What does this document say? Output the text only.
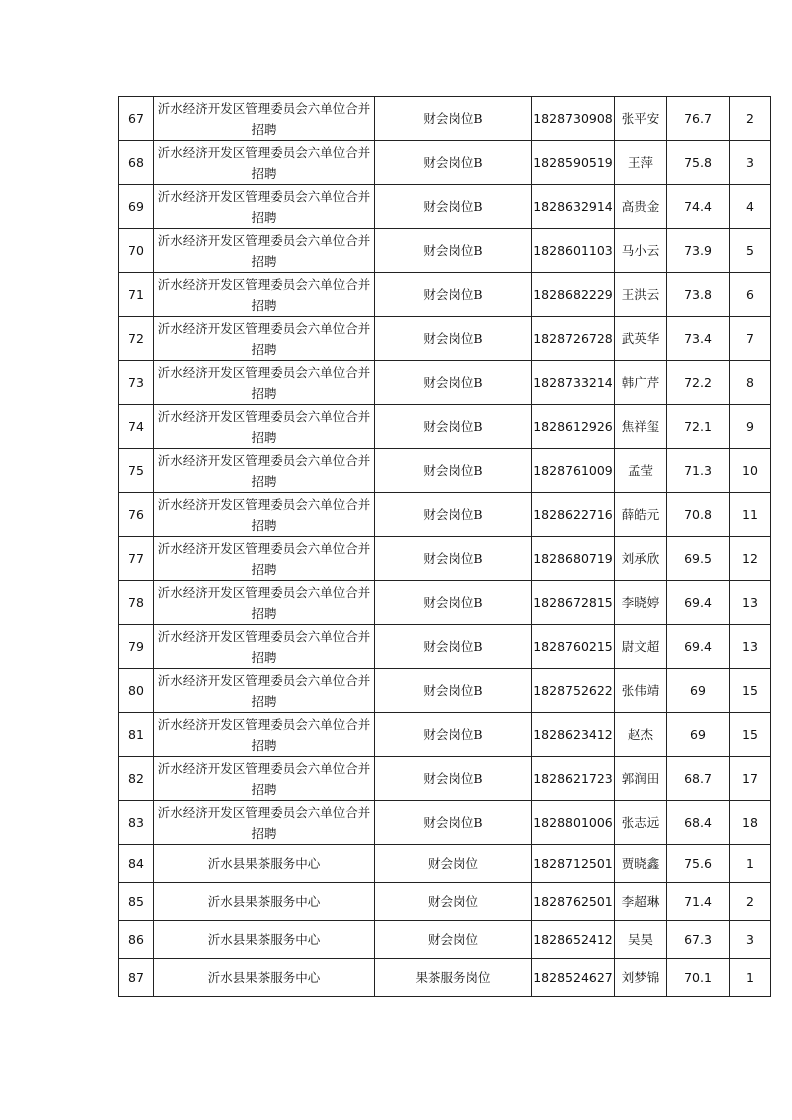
67	沂水经济开发区管理委员会六单位合并招聘	财会岗位B	1828730908	张平安	76.7	2
68	沂水经济开发区管理委员会六单位合并招聘	财会岗位B	1828590519	王萍	75.8	3
69	沂水经济开发区管理委员会六单位合并招聘	财会岗位B	1828632914	高贵金	74.4	4
70	沂水经济开发区管理委员会六单位合并招聘	财会岗位B	1828601103	马小云	73.9	5
71	沂水经济开发区管理委员会六单位合并招聘	财会岗位B	1828682229	王洪云	73.8	6
72	沂水经济开发区管理委员会六单位合并招聘	财会岗位B	1828726728	武英华	73.4	7
73	沂水经济开发区管理委员会六单位合并招聘	财会岗位B	1828733214	韩广芹	72.2	8
74	沂水经济开发区管理委员会六单位合并招聘	财会岗位B	1828612926	焦祥玺	72.1	9
75	沂水经济开发区管理委员会六单位合并招聘	财会岗位B	1828761009	孟莹	71.3	10
76	沂水经济开发区管理委员会六单位合并招聘	财会岗位B	1828622716	薛皓元	70.8	11
77	沂水经济开发区管理委员会六单位合并招聘	财会岗位B	1828680719	刘承欣	69.5	12
78	沂水经济开发区管理委员会六单位合并招聘	财会岗位B	1828672815	李晓婷	69.4	13
79	沂水经济开发区管理委员会六单位合并招聘	财会岗位B	1828760215	尉文超	69.4	13
80	沂水经济开发区管理委员会六单位合并招聘	财会岗位B	1828752622	张伟靖	69	15
81	沂水经济开发区管理委员会六单位合并招聘	财会岗位B	1828623412	赵杰	69	15
82	沂水经济开发区管理委员会六单位合并招聘	财会岗位B	1828621723	郭润田	68.7	17
83	沂水经济开发区管理委员会六单位合并招聘	财会岗位B	1828801006	张志远	68.4	18
84	沂水县果茶服务中心	财会岗位	1828712501	贾晓鑫	75.6	1
85	沂水县果茶服务中心	财会岗位	1828762501	李超琳	71.4	2
86	沂水县果茶服务中心	财会岗位	1828652412	吴昊	67.3	3
87	沂水县果茶服务中心	果茶服务岗位	1828524627	刘梦锦	70.1	1
